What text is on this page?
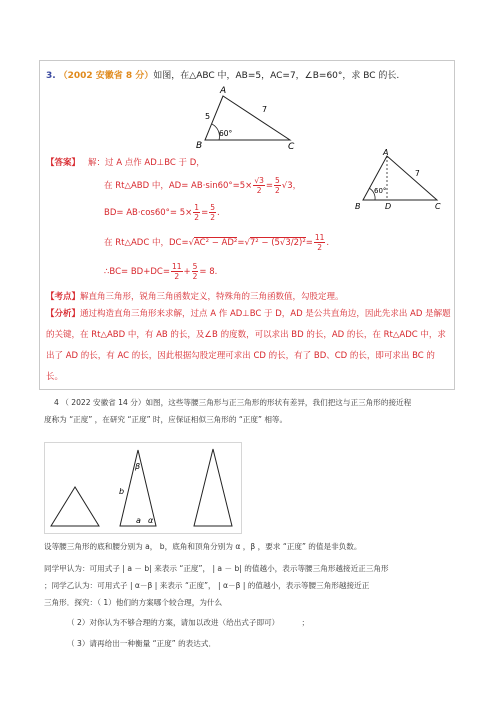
3. （2002 安徽省 8 分）如图，在△ABC 中，AB=5，AC=7，∠B=60°，求 BC 的长.
A
B	C
5
7
60°
【答案】 解：过 A 点作 AD⊥BC 于 D，
在 Rt△ABD 中，$AD= AB\cdot\sin 60^\circ=5\times \frac{√3}{2} = \frac{5}{2} √3$，
$BD= AB\cdot\cos 60^\circ= 5\times \frac{1}{2} = \frac{5}{2}$ .
在 Rt△ADC 中，$DC=√AC^2 - AD^2=√7^2 - (5√3/2)^2= \frac{11}{2}$ .
∴BC= $BD+DC= \frac{11}{2} + \frac{5}{2} = 8$.
A
B	D	C
7
60°
【考点】解直角三角形，锐角三角函数定义，特殊角的三角函数值，勾股定理。
【分析】通过构造直角三角形来求解，过点 A 作 AD⊥BC 于 D，AD 是公共直角边，因此先求出 AD 是解题的关键，在 Rt△ABD 中，有 AB 的长，及∠B 的度数，可以求出 BD 的长，AD 的长，在 Rt△ADC 中，求出了 AD 的长，有 AC 的长，因此根据勾股定理可求出 CD 的长，有了 BD、CD 的长，即可求出 BC 的长。
4 （ 2022 安徽省 14 分）如图，这些等腰三角形与正三角形的形状有差异，我们把这与正三角形的接近程
度称为 “正度” ，在研究 “正度” 时，应保证相似三角形的 “正度” 相等。
β
b
a α
设等腰三角形的底和腰分别为 a， b，底角和顶角分别为 α ，β ，要求 “正度” 的值是非负数。
同学甲认为：可用式子 | a － b| 来表示 “正度”， | a － b| 的值越小，表示等腰三角形越接近正三角形
；同学乙认为：可用式子 | α－β | 来表示 “正度”， | α－β | 的值越小，表示等腰三角形越接近正
三角形．探究：（ 1）他们的方案哪个较合理，为什么
（ 2）对你认为不够合理的方案，请加以改进（给出式子即可）	；
（ 3）请再给出一种衡量 “正度” 的表达式．
